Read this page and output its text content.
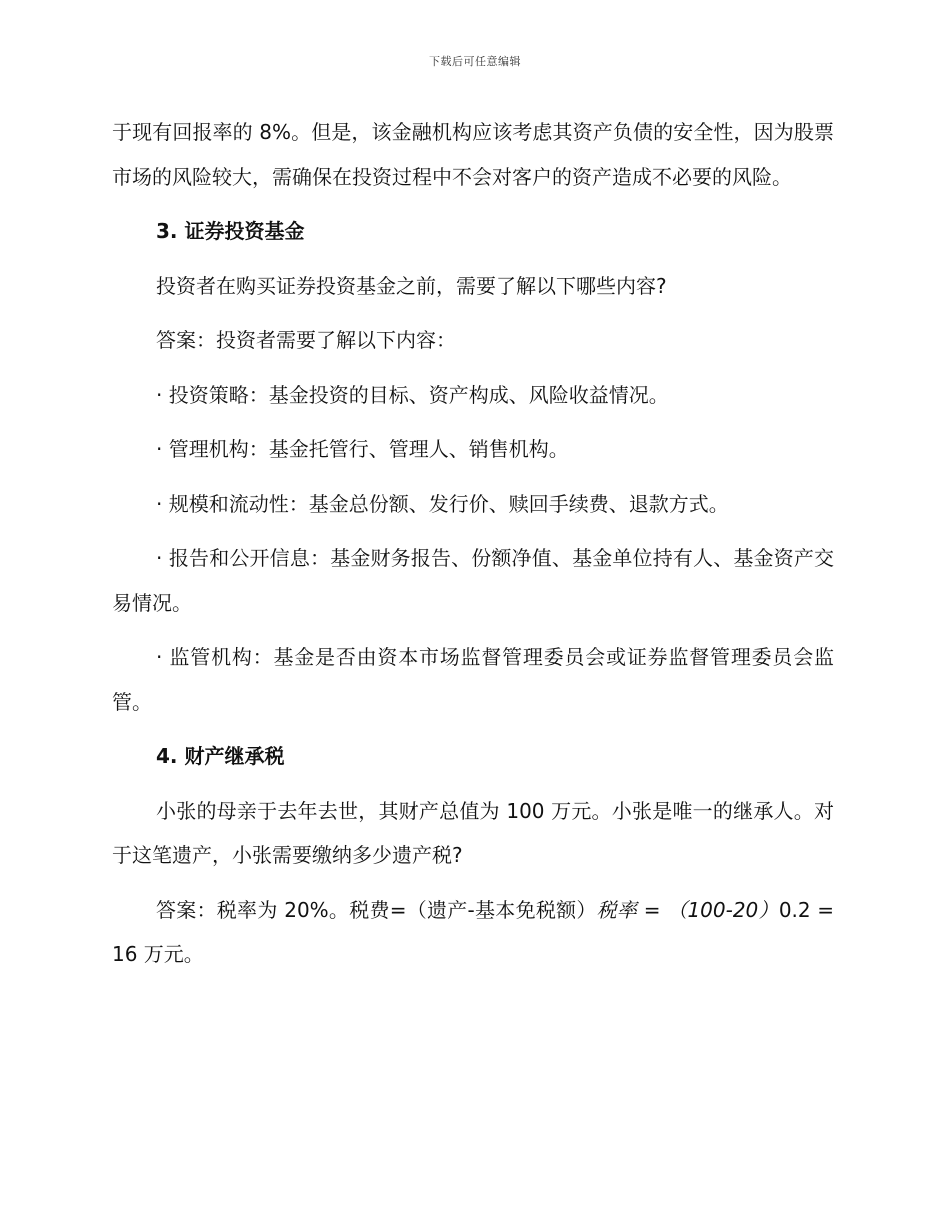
下载后可任意编辑

于现有回报率的 8%。但是，该金融机构应该考虑其资产负债的安全性，因为股票市场的风险较大，需确保在投资过程中不会对客户的资产造成不必要的风险。

3. 证券投资基金

投资者在购买证券投资基金之前，需要了解以下哪些内容?

答案：投资者需要了解以下内容：

· 投资策略：基金投资的目标、资产构成、风险收益情况。

· 管理机构：基金托管行、管理人、销售机构。

· 规模和流动性：基金总份额、发行价、赎回手续费、退款方式。

· 报告和公开信息：基金财务报告、份额净值、基金单位持有人、基金资产交易情况。

· 监管机构：基金是否由资本市场监督管理委员会或证券监督管理委员会监管。

4. 财产继承税

小张的母亲于去年去世，其财产总值为 100 万元。小张是唯一的继承人。对于这笔遗产，小张需要缴纳多少遗产税?

答案：税率为 20%。税费=（遗产-基本免税额）税率 = （100-20）0.2 = 16 万元。
